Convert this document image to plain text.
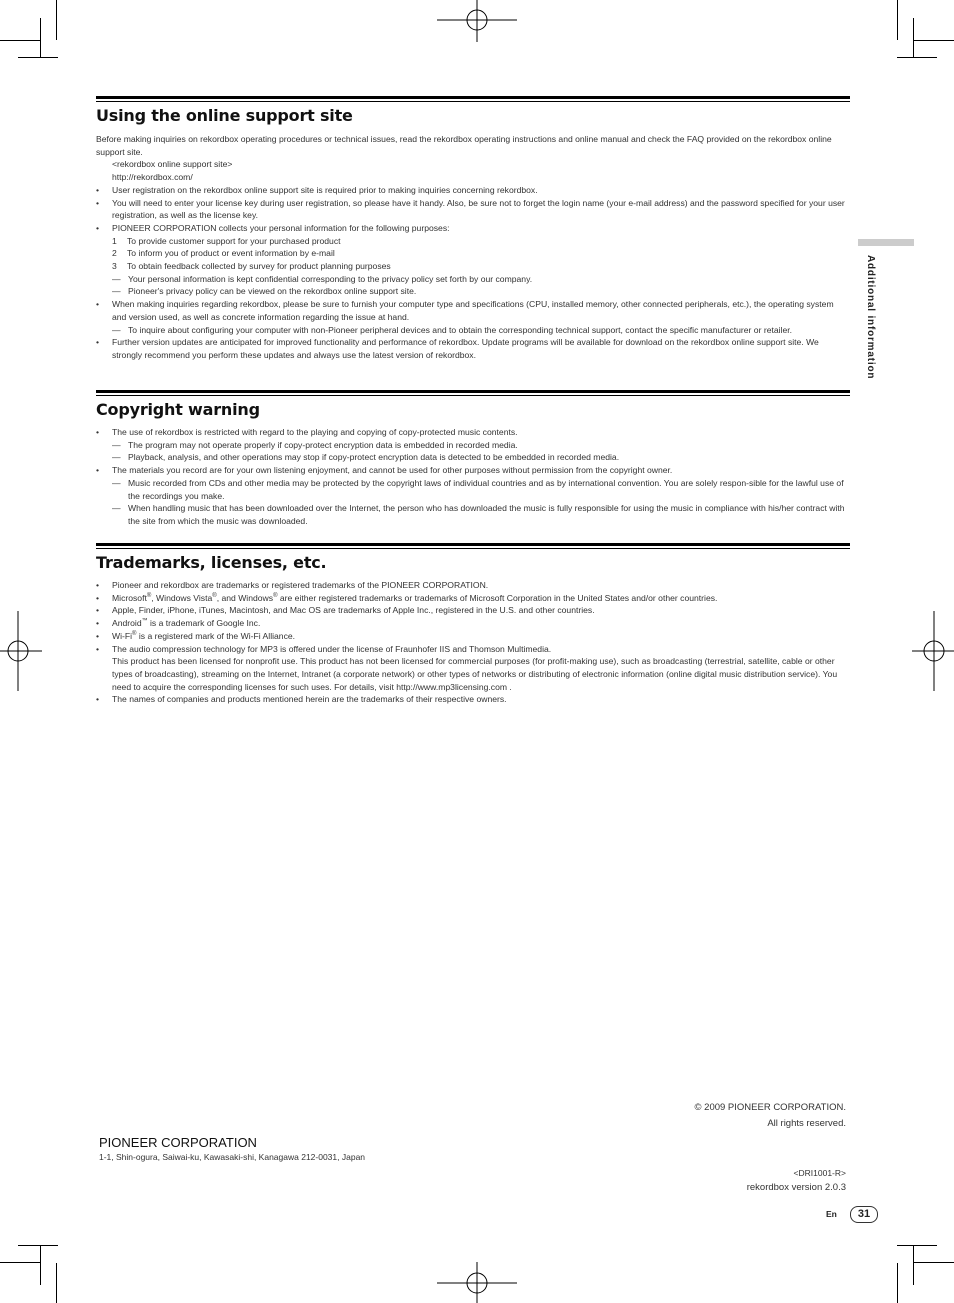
Additional information
Using the online support site

Before making inquiries on rekordbox operating procedures or technical issues, read the rekordbox operating instructions and online manual and check the FAQ provided on the rekordbox online support site.

<rekordbox online support site>

http://rekordbox.com/

• User registration on the rekordbox online support site is required prior to making inquiries concerning rekordbox.

• You will need to enter your license key during user registration, so please have it handy. Also, be sure not to forget the login name (your e-mail address) and the password specified for your user registration, as well as the license key.

• PIONEER CORPORATION collects your personal information for the following purposes:

1 To provide customer support for your purchased product

2 To inform you of product or event information by e-mail

3 To obtain feedback collected by survey for product planning purposes

— Your personal information is kept confidential corresponding to the privacy policy set forth by our company.

— Pioneer's privacy policy can be viewed on the rekordbox online support site.

• When making inquiries regarding rekordbox, please be sure to furnish your computer type and specifications (CPU, installed memory, other connected peripherals, etc.), the operating system and version used, as well as concrete information regarding the issue at hand.

— To inquire about configuring your computer with non-Pioneer peripheral devices and to obtain the corresponding technical support, contact the specific manufacturer or retailer.

• Further version updates are anticipated for improved functionality and performance of rekordbox. Update programs will be available for download on the rekordbox online support site. We strongly recommend you perform these updates and always use the latest version of rekordbox.

Copyright warning

• The use of rekordbox is restricted with regard to the playing and copying of copy-protected music contents.

— The program may not operate properly if copy-protect encryption data is embedded in recorded media.

— Playback, analysis, and other operations may stop if copy-protect encryption data is detected to be embedded in recorded media.

• The materials you record are for your own listening enjoyment, and cannot be used for other purposes without permission from the copyright owner.

— Music recorded from CDs and other media may be protected by the copyright laws of individual countries and as by international convention. You are solely respon-sible for the lawful use of the recordings you make.

— When handling music that has been downloaded over the Internet, the person who has downloaded the music is fully responsible for using the music in compliance with his/her contract with the site from which the music was downloaded.

Trademarks, licenses, etc.

• Pioneer and rekordbox are trademarks or registered trademarks of the PIONEER CORPORATION.

• Microsoft®, Windows Vista®, and Windows® are either registered trademarks or trademarks of Microsoft Corporation in the United States and/or other countries.

• Apple, Finder, iPhone, iTunes, Macintosh, and Mac OS are trademarks of Apple Inc., registered in the U.S. and other countries.

• Android™ is a trademark of Google Inc.

• Wi-Fi® is a registered mark of the Wi-Fi Alliance.

• The audio compression technology for MP3 is offered under the license of Fraunhofer IIS and Thomson Multimedia.

This product has been licensed for nonprofit use. This product has not been licensed for commercial purposes (for profit-making use), such as broadcasting (terrestrial, satellite, cable or other types of broadcasting), streaming on the Internet, Intranet (a corporate network) or other types of networks or distributing of electronic information (online digital music distribution service). You need to acquire the corresponding licenses for such uses. For details, visit http://www.mp3licensing.com .

• The names of companies and products mentioned herein are the trademarks of their respective owners.

© 2009 PIONEER CORPORATION.
All rights reserved.
PIONEER CORPORATION
1-1, Shin-ogura, Saiwai-ku, Kawasaki-shi, Kanagawa 212-0031, Japan
<DRI1001-R>
rekordbox version 2.0.3
En	31
